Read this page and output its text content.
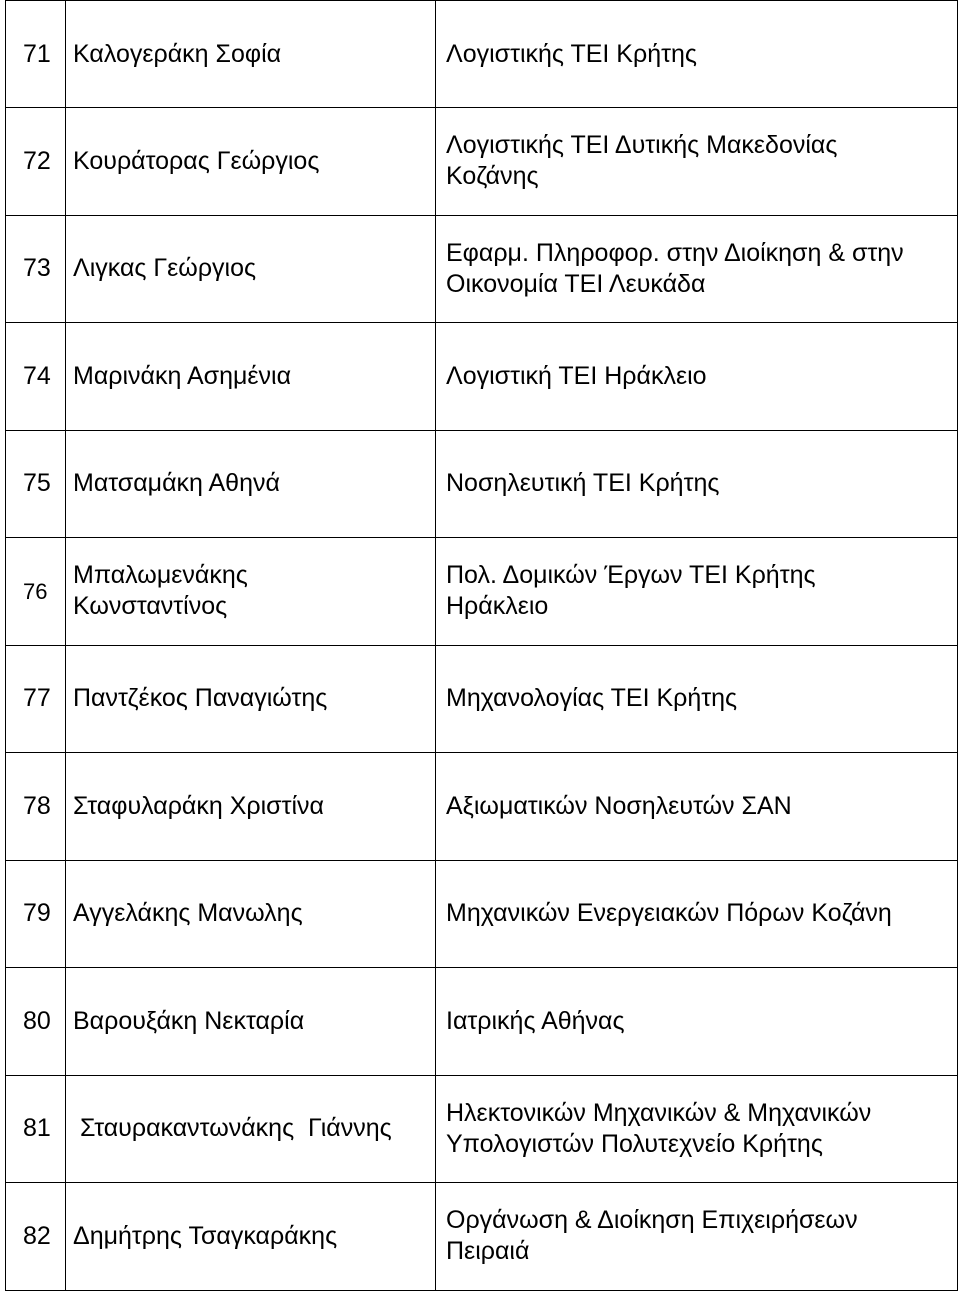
71	Καλογεράκη Σοφία	Λογιστικής ΤΕΙ Κρήτης
72	Κουράτορας Γεώργιος	Λογιστικής ΤΕΙ Δυτικής Μακεδονίας Κοζάνης
73	Λιγκας Γεώργιος	Εφαρμ. Πληροφορ. στην Διοίκηση & στην Οικονομία ΤΕΙ Λευκάδα
74	Μαρινάκη Ασημένια	Λογιστική ΤΕΙ Ηράκλειο
75	Ματσαμάκη Αθηνά	Νοσηλευτική ΤΕΙ Κρήτης
76	Μπαλωμενάκης Κωνσταντίνος	Πολ. Δομικών Έργων ΤΕΙ Κρήτης Ηράκλειο
77	Παντζέκος Παναγιώτης	Μηχανολογίας ΤΕΙ Κρήτης
78	Σταφυλαράκη Χριστίνα	Αξιωματικών Νοσηλευτών ΣΑΝ
79	Αγγελάκης Μανωλης	Μηχανικών Ενεργειακών Πόρων Κοζάνη
80	Βαρουξάκη Νεκταρία	Ιατρικής Αθήνας
81	Σταυρακαντωνάκης  Γιάννης	Ηλεκτονικών Μηχανικών & Μηχανικών Υπολογιστών Πολυτεχνείο Κρήτης
82	Δημήτρης Τσαγκαράκης	Οργάνωση & Διοίκηση Επιχειρήσεων Πειραιά
